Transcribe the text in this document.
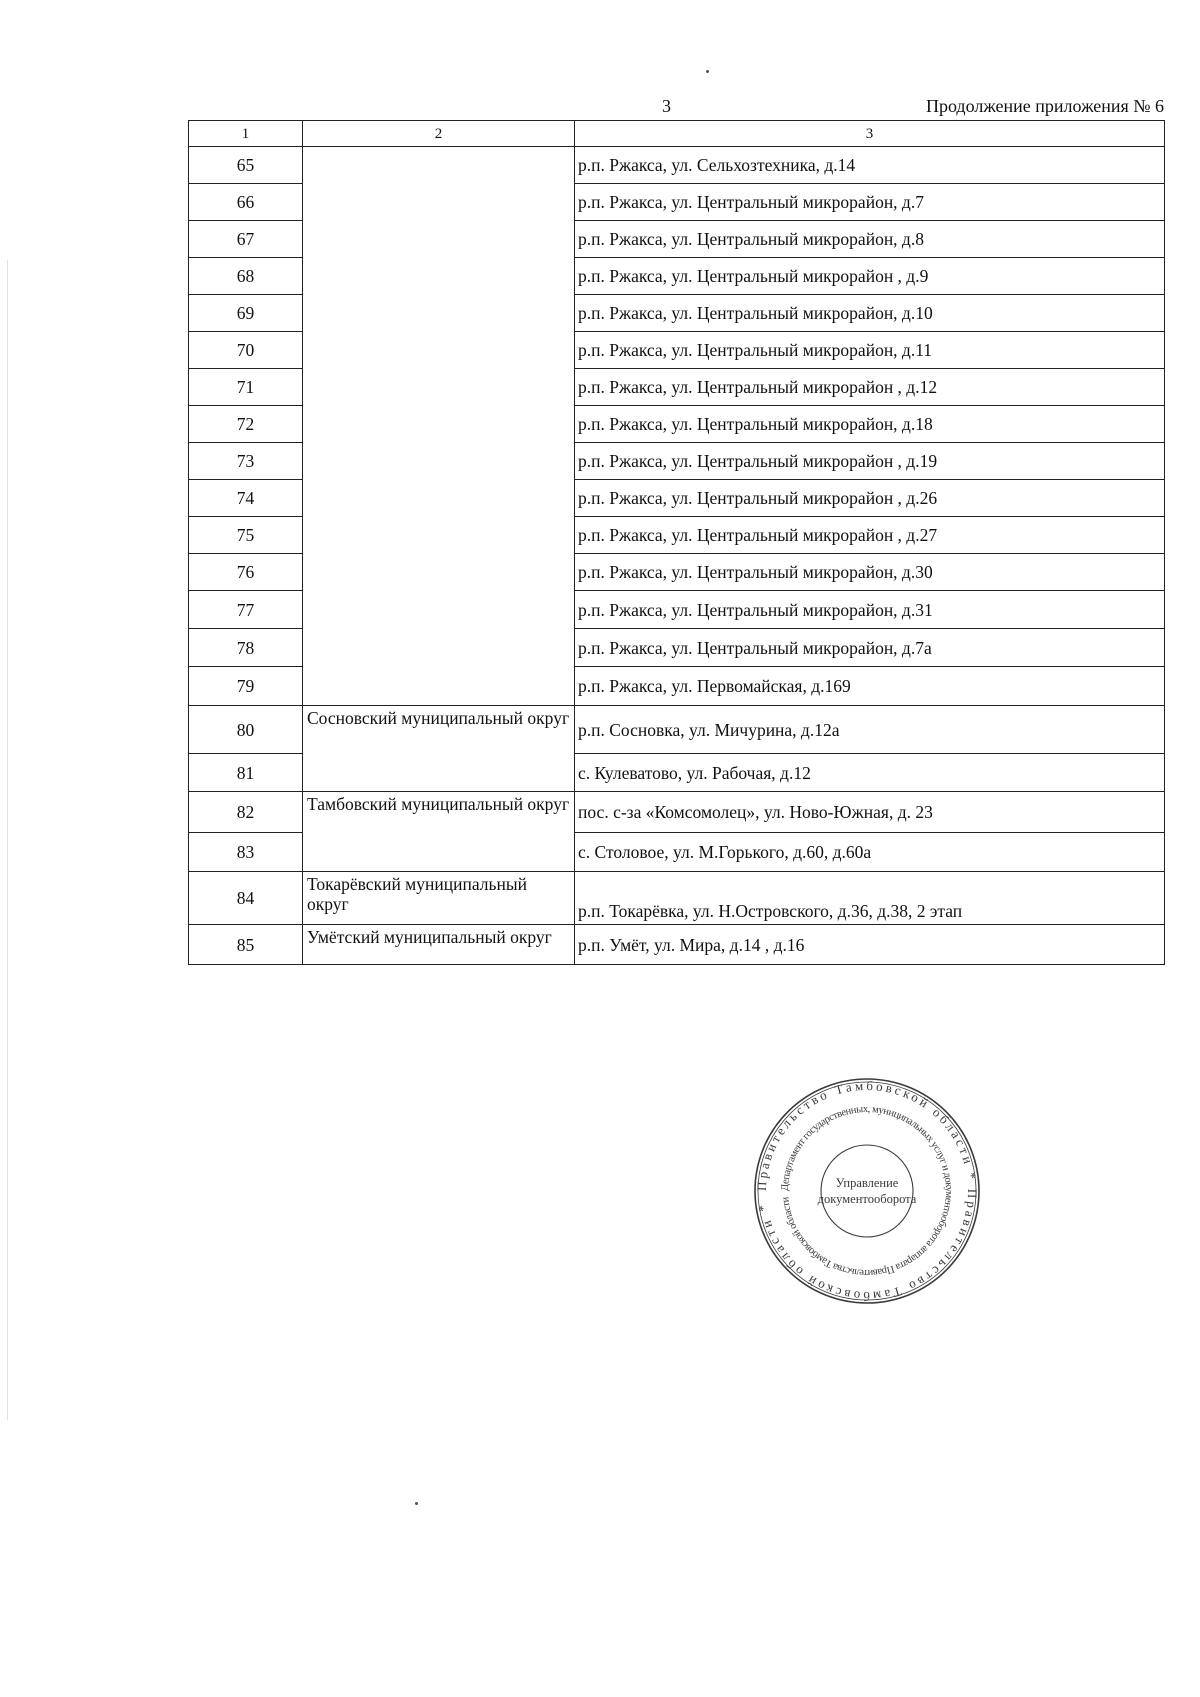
3	Продолжение приложения № 6
1	2	3
65		р.п. Ржакса, ул. Сельхозтехника, д.14
66		р.п. Ржакса, ул. Центральный микрорайон, д.7
67		р.п. Ржакса, ул. Центральный микрорайон, д.8
68		р.п. Ржакса, ул. Центральный микрорайон , д.9
69		р.п. Ржакса, ул. Центральный микрорайон, д.10
70		р.п. Ржакса, ул. Центральный микрорайон, д.11
71		р.п. Ржакса, ул. Центральный микрорайон , д.12
72		р.п. Ржакса, ул. Центральный микрорайон, д.18
73		р.п. Ржакса, ул. Центральный микрорайон , д.19
74		р.п. Ржакса, ул. Центральный микрорайон , д.26
75		р.п. Ржакса, ул. Центральный микрорайон , д.27
76		р.п. Ржакса, ул. Центральный микрорайон, д.30
77		р.п. Ржакса, ул. Центральный микрорайон, д.31
78		р.п. Ржакса, ул. Центральный микрорайон, д.7а
79		р.п. Ржакса, ул. Первомайская, д.169
80	Сосновский муниципальный округ	р.п. Сосновка, ул. Мичурина, д.12а
81		с. Кулеватово, ул. Рабочая, д.12
82	Тамбовский муниципальный округ	пос. с-за «Комсомолец», ул. Ново-Южная, д. 23
83		с. Столовое, ул. М.Горького, д.60, д.60а
84	Токарёвский муниципальный округ	р.п. Токарёвка, ул. Н.Островского, д.36, д.38, 2 этап
85	Умётский муниципальный округ	р.п. Умёт, ул. Мира, д.14 , д.16
Правительство Тамбовской области * Правительство Тамбовской области *
Департамент государственных, муниципальных услуг и документооборота аппарата Правительства Тамбовской области
Управление
документооборота
